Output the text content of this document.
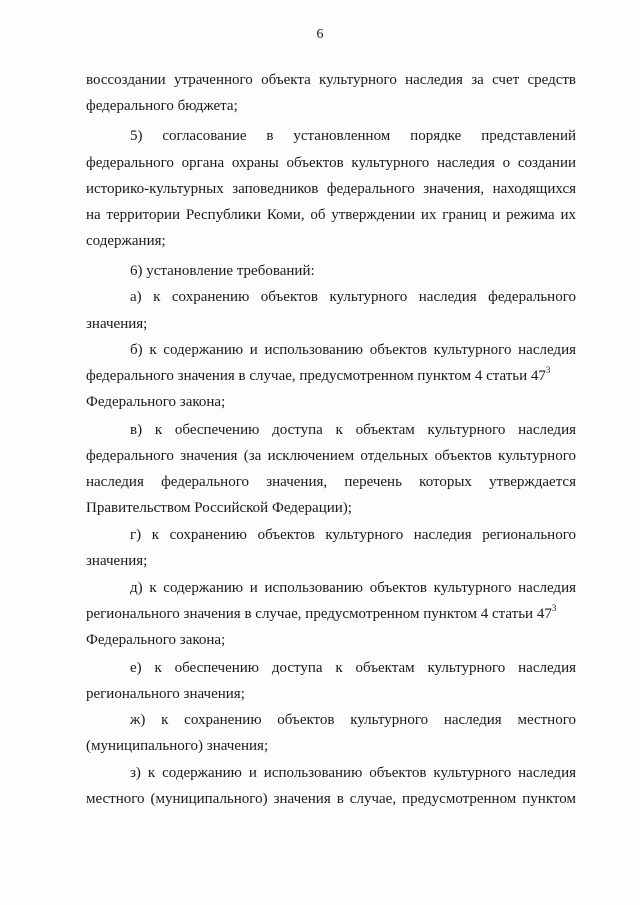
6
воссоздании утраченного объекта культурного наследия за счет средств
федерального бюджета;
5) согласование в установленном порядке представлений
федерального органа охраны объектов культурного наследия о создании
историко-культурных заповедников федерального значения, находящихся
на территории Республики Коми, об утверждении их границ и режима их
содержания;
6) установление требований:
а) к сохранению объектов культурного наследия федерального
значения;
б) к содержанию и использованию объектов культурного наследия
федерального значения в случае, предусмотренном пунктом 4 статьи $47^3$
Федерального закона;
в) к обеспечению доступа к объектам культурного наследия
федерального значения (за исключением отдельных объектов культурного
наследия федерального значения, перечень которых утверждается
Правительством Российской Федерации);
г) к сохранению объектов культурного наследия регионального
значения;
д) к содержанию и использованию объектов культурного наследия
регионального значения в случае, предусмотренном пунктом 4 статьи $47^3$
Федерального закона;
е) к обеспечению доступа к объектам культурного наследия
регионального значения;
ж) к сохранению объектов культурного наследия местного
(муниципального) значения;
з) к содержанию и использованию объектов культурного наследия
местного (муниципального) значения в случае, предусмотренном пунктом
